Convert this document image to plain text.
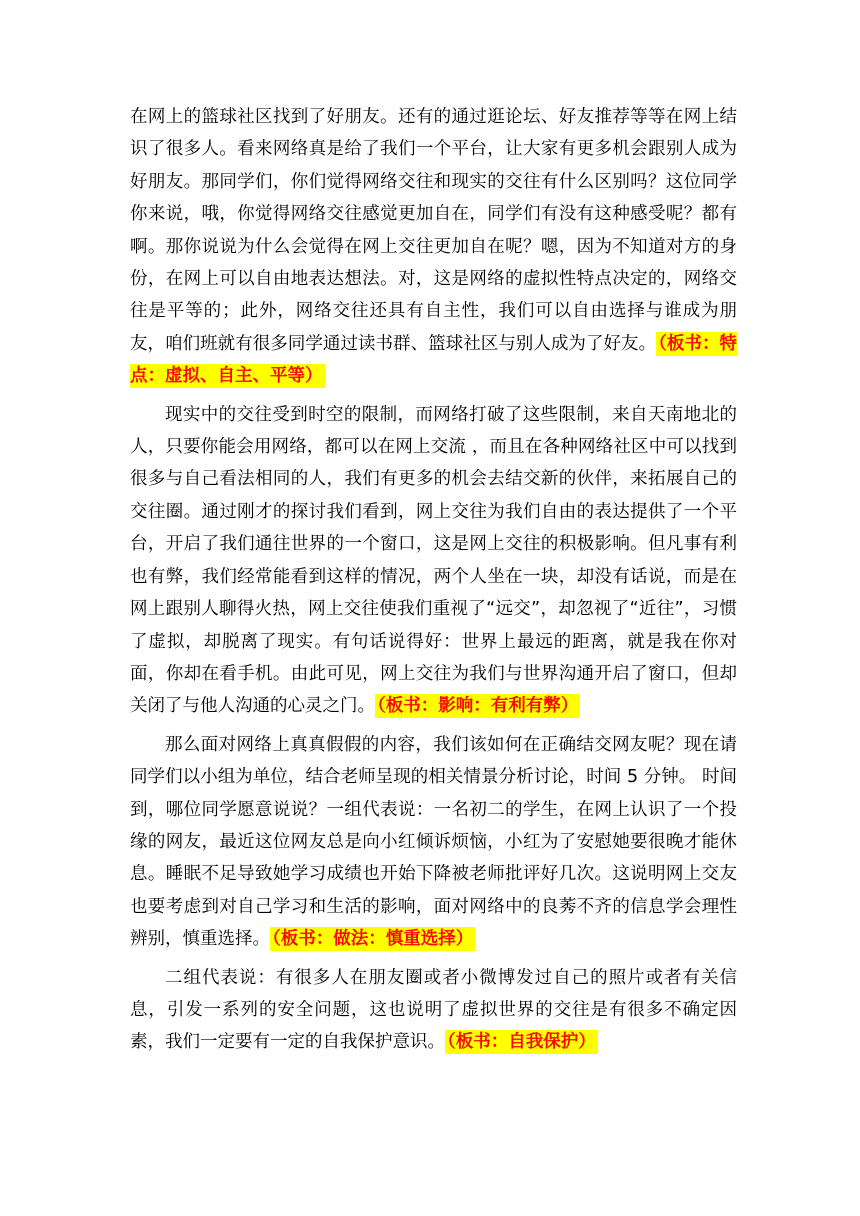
在网上的篮球社区找到了好朋友。还有的通过逛论坛、好友推荐等等在网上结识了很多人。看来网络真是给了我们一个平台，让大家有更多机会跟别人成为好朋友。那同学们，你们觉得网络交往和现实的交往有什么区别吗？这位同学你来说，哦，你觉得网络交往感觉更加自在，同学们有没有这种感受呢？都有啊。那你说说为什么会觉得在网上交往更加自在呢？嗯，因为不知道对方的身份，在网上可以自由地表达想法。对，这是网络的虚拟性特点决定的，网络交往是平等的；此外，网络交往还具有自主性，我们可以自由选择与谁成为朋友，咱们班就有很多同学通过读书群、篮球社区与别人成为了好友。 （板书：特点：虚拟、自主、平等）

现实中的交往受到时空的限制，而网络打破了这些限制，来自天南地北的人，只要你能会用网络，都可以在网上交流 ，而且在各种网络社区中可以找到很多与自己看法相同的人，我们有更多的机会去结交新的伙伴，来拓展自己的交往圈。通过刚才的探讨我们看到，网上交往为我们自由的表达提供了一个平台，开启了我们通往世界的一个窗口，这是网上交往的积极影响。但凡事有利也有弊，我们经常能看到这样的情况，两个人坐在一块，却没有话说，而是在网上跟别人聊得火热，网上交往使我们重视了“远交”，却忽视了“近往”，习惯了虚拟，却脱离了现实。有句话说得好：世界上最远的距离，就是我在你对面，你却在看手机。由此可见，网上交往为我们与世界沟通开启了窗口，但却关闭了与他人沟通的心灵之门。 （板书：影响：有利有弊）

那么面对网络上真真假假的内容，我们该如何在正确结交网友呢？现在请同学们以小组为单位，结合老师呈现的相关情景分析讨论，时间 5 分钟。 时间到，哪位同学愿意说说？一组代表说：一名初二的学生，在网上认识了一个投缘的网友，最近这位网友总是向小红倾诉烦恼，小红为了安慰她要很晚才能休息。睡眠不足导致她学习成绩也开始下降被老师批评好几次。这说明网上交友也要考虑到对自己学习和生活的影响，面对网络中的良莠不齐的信息学会理性辨别，慎重选择。 （板书：做法：慎重选择）

二组代表说：有很多人在朋友圈或者小微博发过自己的照片或者有关信息，引发一系列的安全问题，这也说明了虚拟世界的交往是有很多不确定因素，我们一定要有一定的自我保护意识。 （板书：自我保护）
